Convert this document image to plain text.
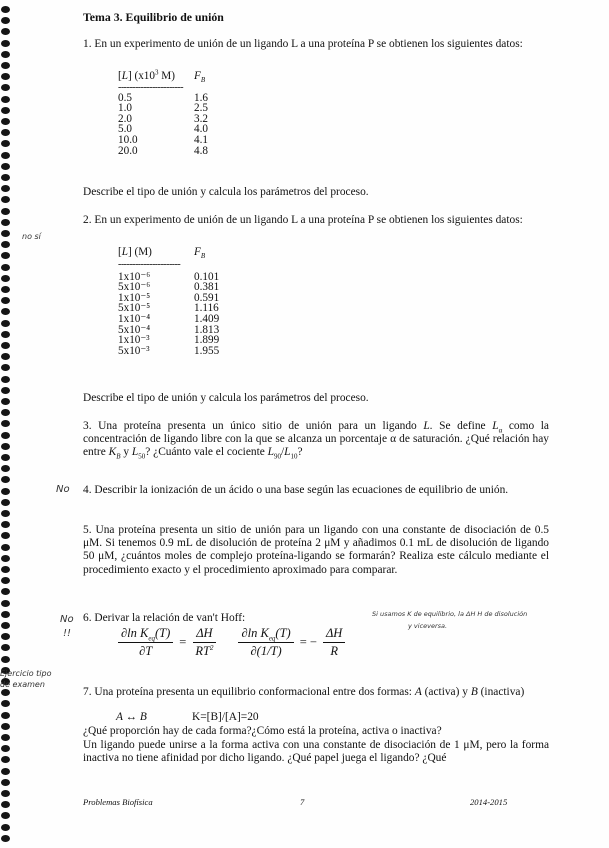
Tema 3. Equilibrio de unión
1. En un experimento de unión de un ligando L a una proteína P se obtienen los siguientes datos:
[L] ($x10^3$ M)	$F_B$
-----------------------
0.5	1.6
1.0	2.5
2.0	3.2
5.0	4.0
10.0	4.1
20.0	4.8
Describe el tipo de unión y calcula los parámetros del proceso.
no sí
2. En un experimento de unión de un ligando L a una proteína P se obtienen los siguientes datos:
[L] (M)	$F_B$
----------------------
1x10⁻⁶	0.101
5x10⁻⁶	0.381
1x10⁻⁵	0.591
5x10⁻⁵	1.116
1x10⁻⁴	1.409
5x10⁻⁴	1.813
1x10⁻³	1.899
5x10⁻³	1.955
Describe el tipo de unión y calcula los parámetros del proceso.
3. Una proteína presenta un único sitio de unión para un ligando L. Se define $L_\alpha$ como la concentración de ligando libre con la que se alcanza un porcentaje α de saturación. ¿Qué relación hay entre $K_B$ y $L_{50}$? ¿Cuánto vale el cociente $L_{90}/L_{10}$?
No 4. Describir la ionización de un ácido o una base según las ecuaciones de equilibrio de unión.
5. Una proteína presenta un sitio de unión para un ligando con una constante de disociación de 0.5 μM. Si tenemos 0.9 mL de disolución de proteína 2 μM y añadimos 0.1 mL de disolución de ligando 50 μM, ¿cuántos moles de complejo proteína-ligando se formarán? Realiza este cálculo mediante el procedimiento exacto y el procedimiento aproximado para comparar.
No
!!
6. Derivar la relación de van't Hoff:	Si usamos K de equilibrio, la ΔH H de disolución
y viceversa.
$\frac{\partial\ln K_{eq}(T)}{\partial T} = \frac{\Delta H}{RT^2} \frac{\partial\ln K_{eq}(T)}{\partial(1/T)}$ = − $\frac{\Delta H}{R}$
Ejercicio tipo de examen
7. Una proteína presenta un equilibrio conformacional entre dos formas: A (activa) y B (inactiva)
A ↔ B	K=[B]/[A]=20
¿Qué proporción hay de cada forma?¿Cómo está la proteína, activa o inactiva?
Un ligando puede unirse a la forma activa con una constante de disociación de 1 μM, pero la forma inactiva no tiene afinidad por dicho ligando. ¿Qué papel juega el ligando? ¿Qué
Problemas Biofísica	7	2014-2015
